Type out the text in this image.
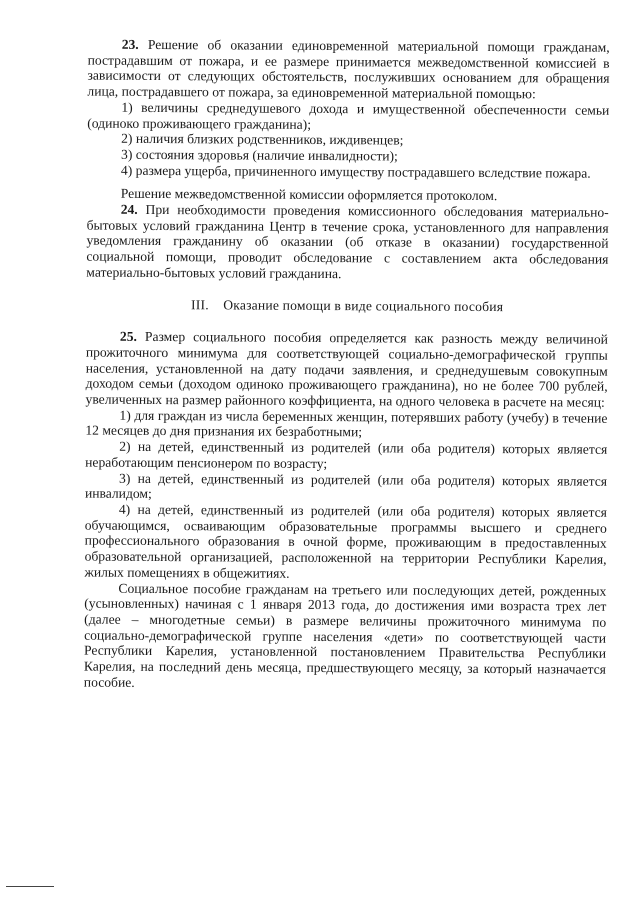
23. Решение об оказании единовременной материальной помощи гражданам, пострадавшим от пожара, и ее размере принимается межведомственной комиссией в зависимости от следующих обстоятельств, послуживших основанием для обращения лица, пострадавшего от пожара, за единовременной материальной помощью:

1) величины среднедушевого дохода и имущественной обеспеченности семьи (одиноко проживающего гражданина);

2) наличия близких родственников, иждивенцев;

3) состояния здоровья (наличие инвалидности);

4) размера ущерба, причиненного имуществу пострадавшего вследствие пожара.

Решение межведомственной комиссии оформляется протоколом.

24. При необходимости проведения комиссионного обследования материально-бытовых условий гражданина Центр в течение срока, установленного для направления уведомления гражданину об оказании (об отказе в оказании) государственной социальной помощи, проводит обследование с составлением акта обследования материально-бытовых условий гражданина.

III. Оказание помощи в виде социального пособия

25. Размер социального пособия определяется как разность между величиной прожиточного минимума для соответствующей социально-демографической группы населения, установленной на дату подачи заявления, и среднедушевым совокупным доходом семьи (доходом одиноко проживающего гражданина), но не более 700 рублей, увеличенных на размер районного коэффициента, на одного человека в расчете на месяц:

1) для граждан из числа беременных женщин, потерявших работу (учебу) в течение 12 месяцев до дня признания их безработными;

2) на детей, единственный из родителей (или оба родителя) которых является неработающим пенсионером по возрасту;

3) на детей, единственный из родителей (или оба родителя) которых является инвалидом;

4) на детей, единственный из родителей (или оба родителя) которых является обучающимся, осваивающим образовательные программы высшего и среднего профессионального образования в очной форме, проживающим в предоставленных образовательной организацией, расположенной на территории Республики Карелия, жилых помещениях в общежитиях.

Социальное пособие гражданам на третьего или последующих детей, рожденных (усыновленных) начиная с 1 января 2013 года, до достижения ими возраста трех лет (далее – многодетные семьи) в размере величины прожиточного минимума по социально-демографической группе населения «дети» по соответствующей части Республики Карелия, установленной постановлением Правительства Республики Карелия, на последний день месяца, предшествующего месяцу, за который назначается пособие.
